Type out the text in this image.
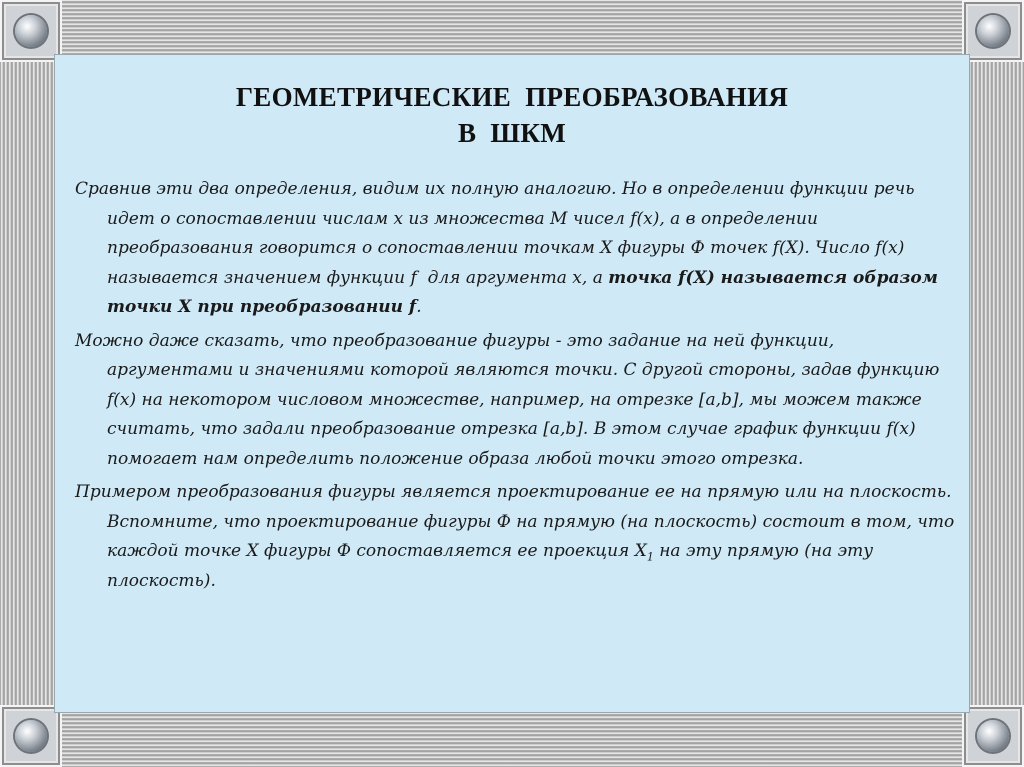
ГЕОМЕТРИЧЕСКИЕ  ПРЕОБРАЗОВАНИЯ
В  ШКМ

Сравнив эти два определения, видим их полную аналогию. Но в определении функции речь идет о сопоставлении числам x из множества M чисел f(x), а в определении преобразования говорится о сопоставлении точкам X фигуры Ф точек f(X). Число f(x) называется значением функции f  для аргумента x, а точка f(X) называется образом точки X при преобразовании f.

Можно даже сказать, что преобразование фигуры - это задание на ней функции, аргументами и значениями которой являются точки. С другой стороны, задав функцию f(x) на некотором числовом множестве, например, на отрезке [a,b], мы можем также считать, что задали преобразование отрезка [a,b]. В этом случае график функции f(x) помогает нам определить положение образа любой точки этого отрезка.

Примером преобразования фигуры является проектирование ее на прямую или на плоскость. Вспомните, что проектирование фигуры Ф на прямую (на плоскость) состоит в том, что каждой точке X фигуры Ф сопоставляется ее проекция $X_1$ на эту прямую (на эту плоскость).
